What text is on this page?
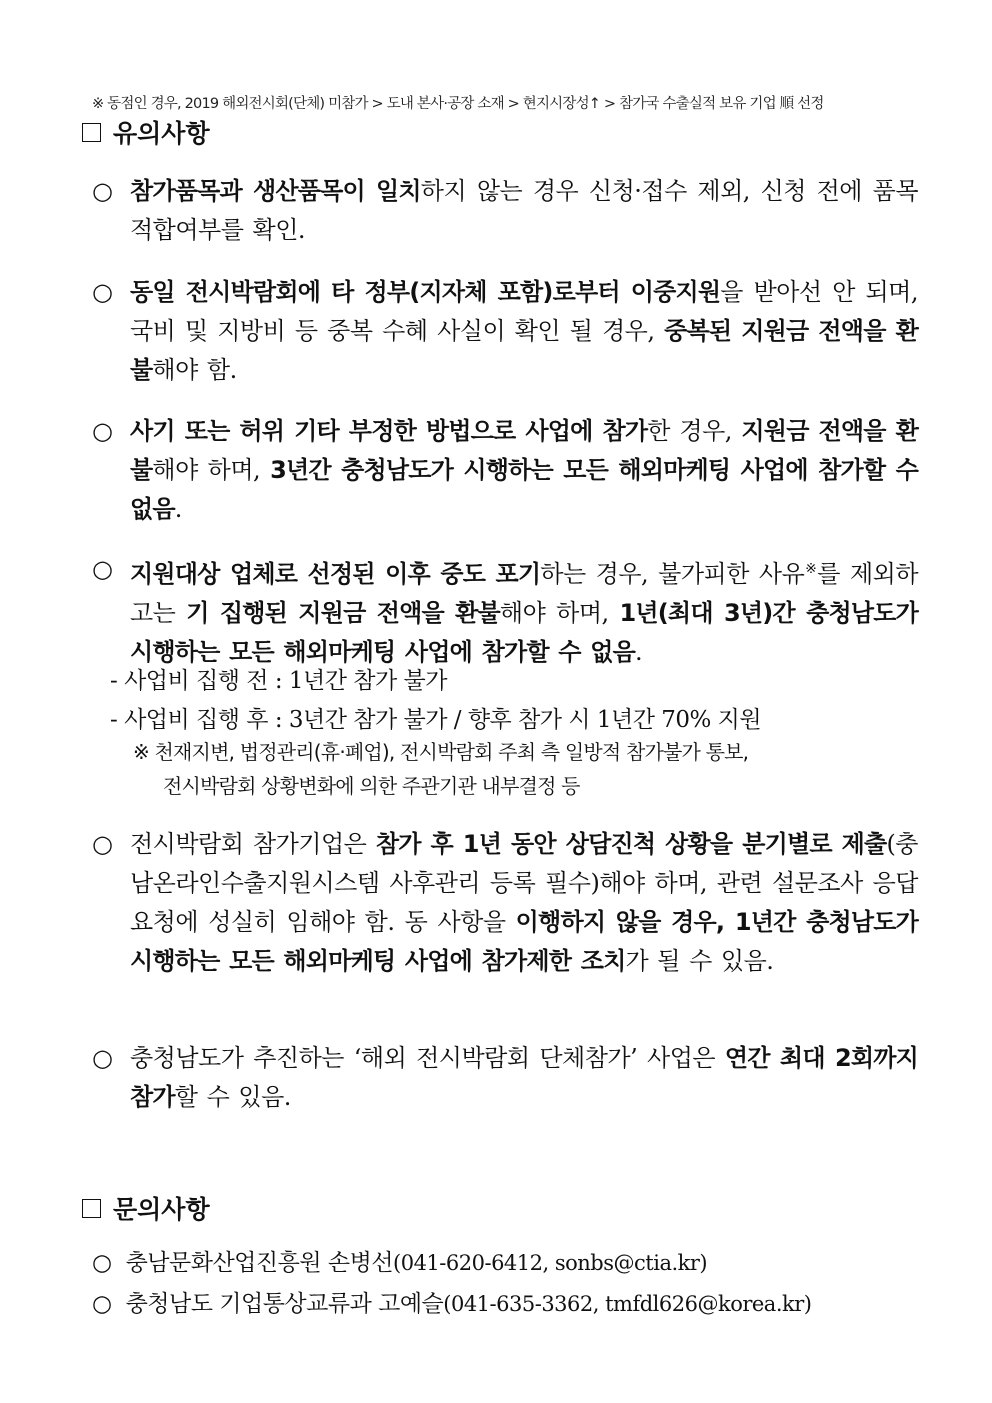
※ 동점인 경우, 2019 해외전시회(단체) 미참가 > 도내 본사·공장 소재 > 현지시장성↑ > 참가국 수출실적 보유 기업 順 선정
유의사항
○ 참가품목과 생산품목이 일치하지 않는 경우 신청·접수 제외, 신청 전에 품목 적합여부를 확인.
○ 동일 전시박람회에 타 정부(지자체 포함)로부터 이중지원을 받아선 안 되며, 국비 및 지방비 등 중복 수혜 사실이 확인 될 경우, 중복된 지원금 전액을 환불해야 함.
○ 사기 또는 허위 기타 부정한 방법으로 사업에 참가한 경우, 지원금 전액을 환불해야 하며, 3년간 충청남도가 시행하는 모든 해외마케팅 사업에 참가할 수 없음.
○ 지원대상 업체로 선정된 이후 중도 포기하는 경우, 불가피한 사유※를 제외하고는 기 집행된 지원금 전액을 환불해야 하며, 1년(최대 3년)간 충청남도가 시행하는 모든 해외마케팅 사업에 참가할 수 없음.
- 사업비 집행 전 : 1년간 참가 불가
- 사업비 집행 후 : 3년간 참가 불가 / 향후 참가 시 1년간 70% 지원
※ 천재지변, 법정관리(휴‧폐업), 전시박람회 주최 측 일방적 참가불가 통보,
전시박람회 상황변화에 의한 주관기관 내부결정 등
○ 전시박람회 참가기업은 참가 후 1년 동안 상담진척 상황을 분기별로 제출(충남온라인수출지원시스템 사후관리 등록 필수)해야 하며, 관련 설문조사 응답 요청에 성실히 임해야 함. 동 사항을 이행하지 않을 경우, 1년간 충청남도가 시행하는 모든 해외마케팅 사업에 참가제한 조치가 될 수 있음.
○ 충청남도가 추진하는 ‘해외 전시박람회 단체참가’ 사업은 연간 최대 2회까지 참가할 수 있음.
문의사항
○ 충남문화산업진흥원 손병선(041-620-6412, sonbs@ctia.kr)
○ 충청남도 기업통상교류과 고예슬(041-635-3362, tmfdl626@korea.kr)
